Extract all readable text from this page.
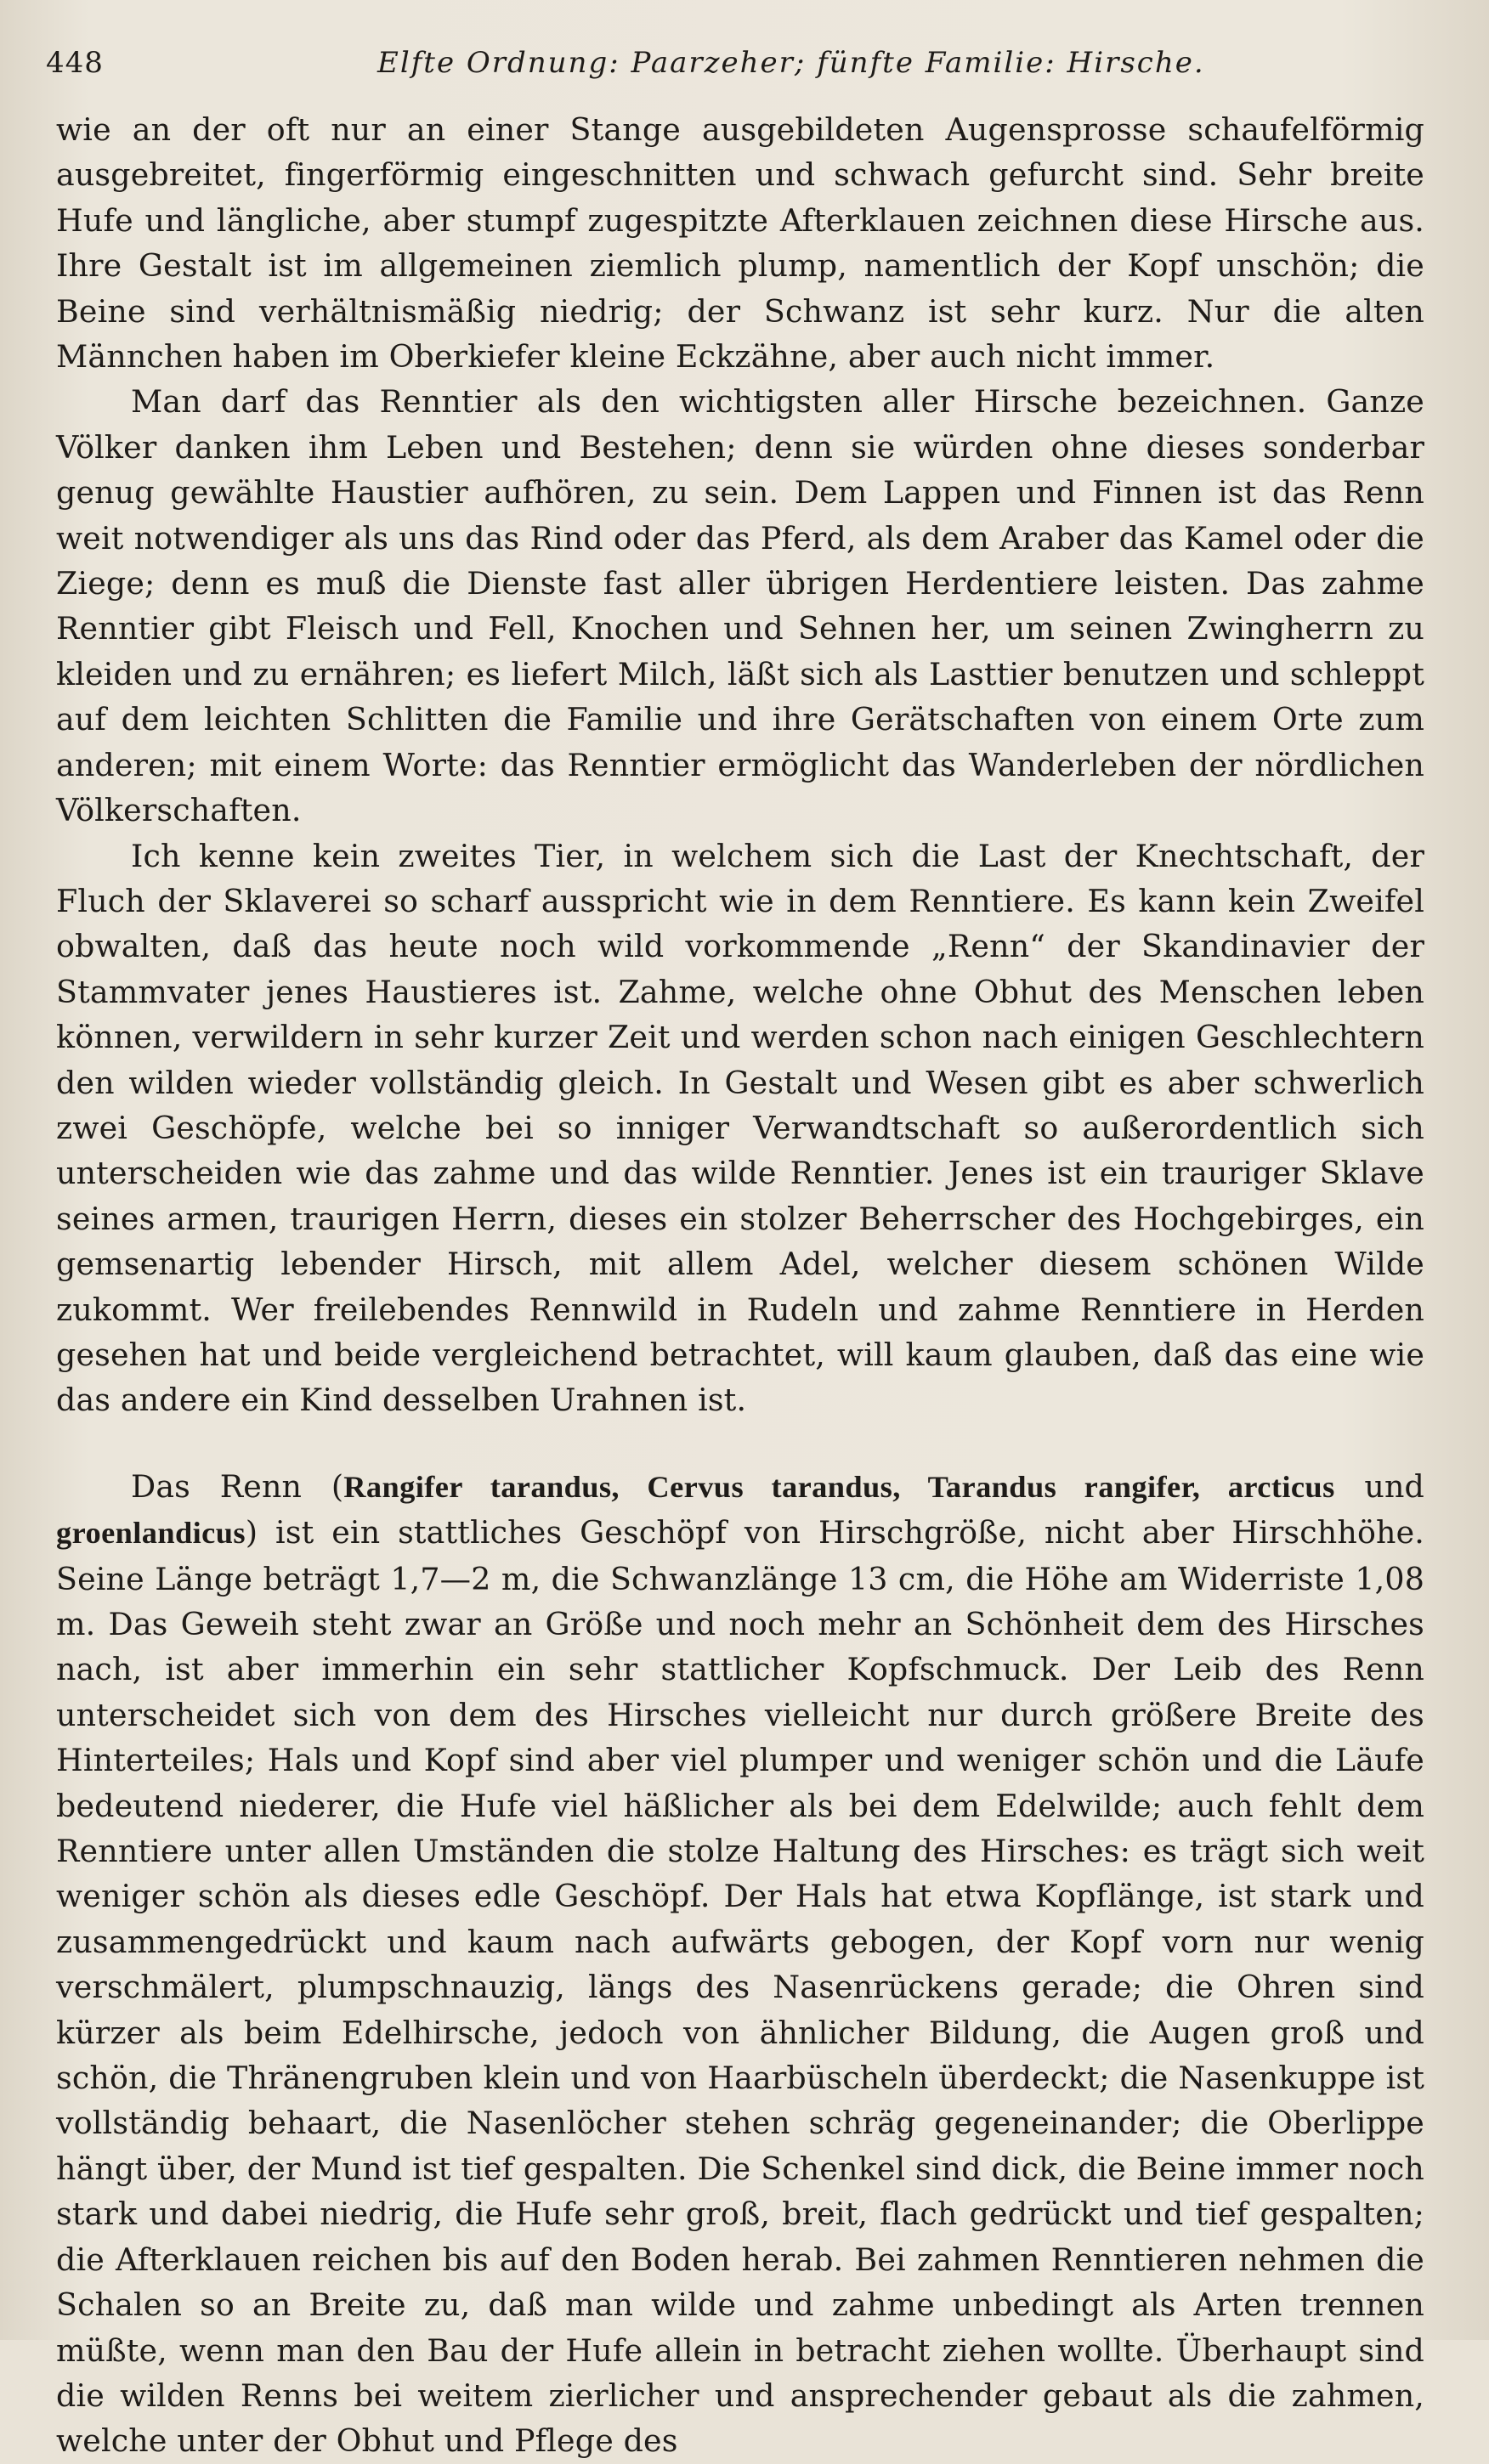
448	Elfte Ordnung: Paarzeher; fünfte Familie: Hirsche.

wie an der oft nur an einer Stange ausgebildeten Augensprosse schaufelförmig ausgebreitet, fingerförmig eingeschnitten und schwach gefurcht sind. Sehr breite Hufe und längliche, aber stumpf zugespitzte Afterklauen zeichnen diese Hirsche aus. Ihre Gestalt ist im allgemeinen ziemlich plump, namentlich der Kopf unschön; die Beine sind verhältnismäßig niedrig; der Schwanz ist sehr kurz. Nur die alten Männchen haben im Oberkiefer kleine Eckzähne, aber auch nicht immer.

Man darf das Renntier als den wichtigsten aller Hirsche bezeichnen. Ganze Völker danken ihm Leben und Bestehen; denn sie würden ohne dieses sonderbar genug gewählte Haustier aufhören, zu sein. Dem Lappen und Finnen ist das Renn weit notwendiger als uns das Rind oder das Pferd, als dem Araber das Kamel oder die Ziege; denn es muß die Dienste fast aller übrigen Herdentiere leisten. Das zahme Renntier gibt Fleisch und Fell, Knochen und Sehnen her, um seinen Zwingherrn zu kleiden und zu ernähren; es liefert Milch, läßt sich als Lasttier benutzen und schleppt auf dem leichten Schlitten die Familie und ihre Gerätschaften von einem Orte zum anderen; mit einem Worte: das Renntier ermöglicht das Wanderleben der nördlichen Völkerschaften.

Ich kenne kein zweites Tier, in welchem sich die Last der Knechtschaft, der Fluch der Sklaverei so scharf ausspricht wie in dem Renntiere. Es kann kein Zweifel obwalten, daß das heute noch wild vorkommende „Renn“ der Skandinavier der Stammvater jenes Haustieres ist. Zahme, welche ohne Obhut des Menschen leben können, verwildern in sehr kurzer Zeit und werden schon nach einigen Geschlechtern den wilden wieder vollständig gleich. In Gestalt und Wesen gibt es aber schwerlich zwei Geschöpfe, welche bei so inniger Verwandtschaft so außerordentlich sich unterscheiden wie das zahme und das wilde Renntier. Jenes ist ein trauriger Sklave seines armen, traurigen Herrn, dieses ein stolzer Beherrscher des Hochgebirges, ein gemsenartig lebender Hirsch, mit allem Adel, welcher diesem schönen Wilde zukommt. Wer freilebendes Rennwild in Rudeln und zahme Renntiere in Herden gesehen hat und beide vergleichend betrachtet, will kaum glauben, daß das eine wie das andere ein Kind desselben Urahnen ist.

Das Renn (Rangifer tarandus, Cervus tarandus, Tarandus rangifer, arcticus und groenlandicus) ist ein stattliches Geschöpf von Hirschgröße, nicht aber Hirschhöhe. Seine Länge beträgt 1,7—2 m, die Schwanzlänge 13 cm, die Höhe am Widerriste 1,08 m. Das Geweih steht zwar an Größe und noch mehr an Schönheit dem des Hirsches nach, ist aber immerhin ein sehr stattlicher Kopfschmuck. Der Leib des Renn unterscheidet sich von dem des Hirsches vielleicht nur durch größere Breite des Hinterteiles; Hals und Kopf sind aber viel plumper und weniger schön und die Läufe bedeutend niederer, die Hufe viel häßlicher als bei dem Edelwilde; auch fehlt dem Renntiere unter allen Umständen die stolze Haltung des Hirsches: es trägt sich weit weniger schön als dieses edle Geschöpf. Der Hals hat etwa Kopflänge, ist stark und zusammengedrückt und kaum nach aufwärts gebogen, der Kopf vorn nur wenig verschmälert, plumpschnauzig, längs des Nasenrückens gerade; die Ohren sind kürzer als beim Edelhirsche, jedoch von ähnlicher Bildung, die Augen groß und schön, die Thränengruben klein und von Haarbüscheln überdeckt; die Nasenkuppe ist vollständig behaart, die Nasenlöcher stehen schräg gegeneinander; die Oberlippe hängt über, der Mund ist tief gespalten. Die Schenkel sind dick, die Beine immer noch stark und dabei niedrig, die Hufe sehr groß, breit, flach gedrückt und tief gespalten; die Afterklauen reichen bis auf den Boden herab. Bei zahmen Renntieren nehmen die Schalen so an Breite zu, daß man wilde und zahme unbedingt als Arten trennen müßte, wenn man den Bau der Hufe allein in betracht ziehen wollte. Überhaupt sind die wilden Renns bei weitem zierlicher und ansprechender gebaut als die zahmen, welche unter der Obhut und Pflege des
